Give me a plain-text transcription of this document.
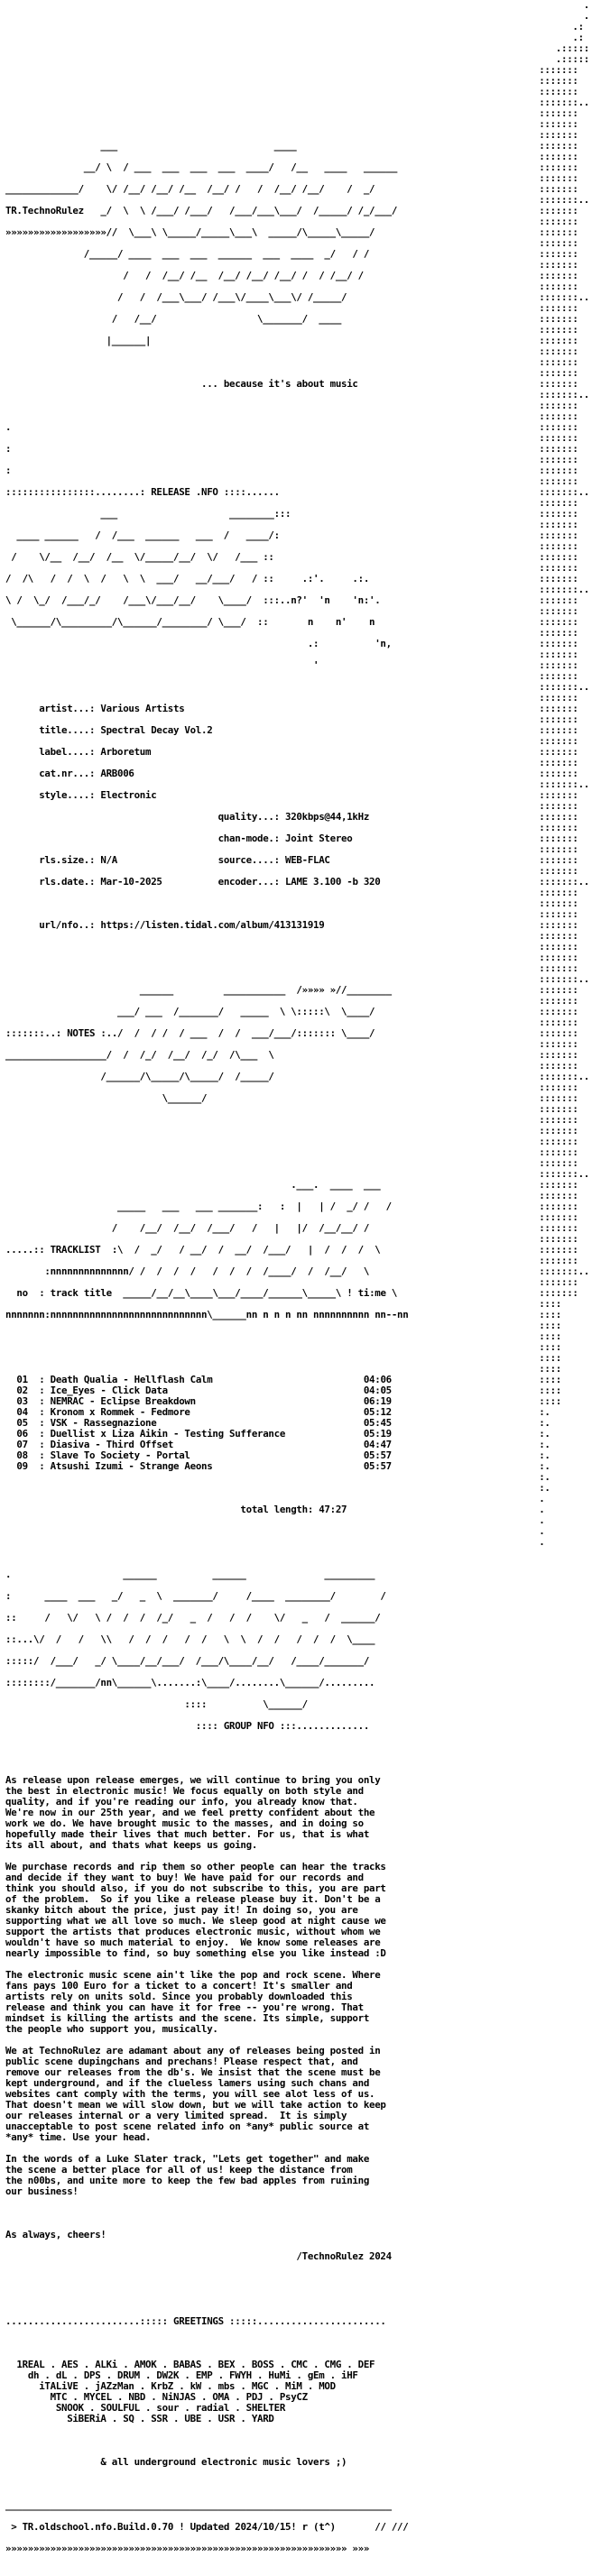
.
.
.:
.:
.:::::
.:::::
:::::::
:::::::
:::::::
:::::::..
:::::::
:::::::
:::::::
:::::::
:::::::
:::::::
:::::::
:::::::
:::::::..
:::::::
:::::::
:::::::
:::::::
:::::::
:::::::
:::::::
:::::::
:::::::..
:::::::
:::::::
:::::::
:::::::
:::::::
:::::::
:::::::
:::::::
:::::::..
:::::::
:::::::
:::::::
:::::::
:::::::
:::::::
:::::::
:::::::
:::::::..
:::::::
:::::::
:::::::
:::::::
:::::::
:::::::
:::::::
:::::::
:::::::..
:::::::
:::::::
:::::::
:::::::
:::::::
:::::::
:::::::
:::::::
:::::::..
:::::::
:::::::
:::::::
:::::::
:::::::
:::::::
:::::::
:::::::
:::::::..
:::::::
:::::::
:::::::
:::::::
:::::::
:::::::
:::::::
:::::::
:::::::..
:::::::
:::::::
:::::::
:::::::
:::::::
:::::::
:::::::
:::::::
:::::::..
:::::::
:::::::
:::::::
:::::::
:::::::
:::::::
:::::::
:::::::
:::::::..
:::::::
:::::::
:::::::
:::::::
:::::::
:::::::
:::::::
:::::::
:::::::..
:::::::
:::::::
:::::::
:::::::
:::::::
:::::::
:::::::
:::::::
:::::::..
:::::::
:::::::
::::
::::
::::
::::
::::
::::
::::
::::
::::
::::
:.
:.
:.
:.
:.
:.
:.
:.
.
.
.
.
.

___                            ____

__/ \  / ___  ___  ___  ___  ____/   /__   ____   ______

_____________/    \/ /__/ /__/ /__  /__/ /   /  /__/ /__/    /  _/

TR.TechnoRulez   _/  \  \ /___/ /___/   /___/___\___/  /_____/ /_/___/

»»»»»»»»»»»»»»»»»»//  \___\ \_____/_____\___\  _____/\_____\_____/

/_____/ ____  ___  ___  ______  ___  ____  _/   / /

/   /  /__/ /__  /__/ /__/ /__/ /  / /__/ /

/   /  /___\___/ /___\/____\___\/ /_____/

/   /__/                  \_______/  ____

|______|

... because it's about music

.

:

:

::::::::::::::::........: RELEASE .NFO ::::......

___                    ________:::

____ ______   /  /___  ______   ___  /   ____/:

/    \/__  /__/  /__  \/_____/__/  \/   /___ ::

/  /\   /  /  \  /   \  \  ___/   __/___/   / ::     .:'.     .:.

\ /  \_/  /___/_/    /___\/___/__/    \____/  :::..n?'  'n    'n:'.

\______/\_________/\______/________/ \___/  ::       n    n'    n

.:          'n,

'

artist...: Various Artists

title....: Spectral Decay Vol.2

label....: Arboretum

cat.nr...: ARB006

style....: Electronic

quality...: 320kbps@44,1kHz

chan-mode.: Joint Stereo

rls.size.: N/A                  source....: WEB-FLAC

rls.date.: Mar-10-2025          encoder...: LAME 3.100 -b 320

url/nfo..: https://listen.tidal.com/album/413131919

______         ___________  /»»»» »//________

___/ ___  /_______/   _____  \ \:::::\  \____/

:::::::..: NOTES :../  /  / /  / ___  /  /  ___/___/::::::: \____/

__________________/  /  /_/  /__/  /_/  /\___  \

/______/\_____/\_____/  /_____/

\______/

.___.  ____  ___

_____   ___   ___ _______:   :  |   | /  _/ /   /

/    /__/  /__/  /___/   /   |   |/  /__/__/ /

.....:: TRACKLIST  :\  /  _/   / __/  /  __/  /___/   |  /  /  /  \

:nnnnnnnnnnnnnn/ /  /  /  /   /  /  /  /____/  /  /__/   \

no  : track title  _____/__/__\____\___/____/______\_____\ ! ti:me \

nnnnnnn:nnnnnnnnnnnnnnnnnnnnnnnnnnnn\______nn n n n nn nnnnnnnnnn nn--nn

01  : Death Qualia - Hellflash Calm	04:06
02  : Ice_Eyes - Click Data	04:05
03  : NEMRAC - Eclipse Breakdown	06:19
04  : Kronom x Rommek - Fedmore	05:12
05  : VSK - Rassegnazione	05:45
06  : Duellist x Liza Aikin - Testing Sufferance	05:19
07  : Diasiva - Third Offset	04:47
08  : Slave To Society - Portal	05:57
09  : Atsushi Izumi - Strange Aeons	05:57

total length: 47:27

.                    ______          ______              _________

:      ____  ___   _/   _  \  _______/     /____  ________/        /

::     /   \/   \ /  /  /  /_/   _  /   /  /    \/   _   /  ______/

::...\/  /   /   \\   /  /  /   /  /   \  \  /  /   /  /  /  \____

:::::/  /___/   _/ \____/__/___/  /___/\____/__/   /____/_______/

::::::::/_______/nn\______\.......:\____/........\______/.........

::::          \______/

:::: GROUP NFO :::.............

As release upon release emerges, we will continue to bring you only
the best in electronic music! We focus equally on both style and
quality, and if you're reading our info, you already know that.
We're now in our 25th year, and we feel pretty confident about the
work we do. We have brought music to the masses, and in doing so
hopefully made their lives that much better. For us, that is what
its all about, and thats what keeps us going.

We purchase records and rip them so other people can hear the tracks
and decide if they want to buy! We have paid for our records and
think you should also, if you do not subscribe to this, you are part
of the problem.  So if you like a release please buy it. Don't be a
skanky bitch about the price, just pay it! In doing so, you are
supporting what we all love so much. We sleep good at night cause we
support the artists that produces electronic music, without whom we
wouldn't have so much material to enjoy.  We know some releases are
nearly impossible to find, so buy something else you like instead :D

The electronic music scene ain't like the pop and rock scene. Where
fans pays 100 Euro for a ticket to a concert! It's smaller and
artists rely on units sold. Since you probably downloaded this
release and think you can have it for free -- you're wrong. That
mindset is killing the artists and the scene. Its simple, support
the people who support you, musically.

We at TechnoRulez are adamant about any of releases being posted in
public scene dupingchans and prechans! Please respect that, and
remove our releases from the db's. We insist that the scene must be
kept underground, and if the clueless lamers using such chans and
websites cant comply with the terms, you will see alot less of us.
That doesn't mean we will slow down, but we will take action to keep
our releases internal or a very limited spread.  It is simply
unacceptable to post scene related info on *any* public source at
*any* time. Use your head.

In the words of a Luke Slater track, "Lets get together" and make
the scene a better place for all of us! keep the distance from
the n00bs, and unite more to keep the few bad apples from ruining
our business!

As always, cheers!

/TechnoRulez 2024

........................::::: GREETINGS :::::.......................

1REAL . AES . ALKi . AMOK . BABAS . BEX . BOSS . CMC . CMG . DEF
dh . dL . DPS . DRUM . DW2K . EMP . FWYH . HuMi . gEm . iHF
iTALiVE . jAZzMan . KrbZ . kW . mbs . MGC . MiM . MOD
MTC . MYCEL . NBD . NiNJAS . OMA . PDJ . PsyCZ
SNOOK . SOULFUL . sour . radial . SHELTER
SiBERiA . SQ . SSR . UBE . USR . YARD

& all underground electronic music lovers ;)

_____________________________________________________________________

> TR.oldschool.nfo.Build.0.70 ! Updated 2024/10/15! r (t^)       // ///

»»»»»»»»»»»»»»»»»»»»»»»»»»»»»»»»»»»»»»»»»»»»»»»»»»»»»»»»»»»»» »»»
